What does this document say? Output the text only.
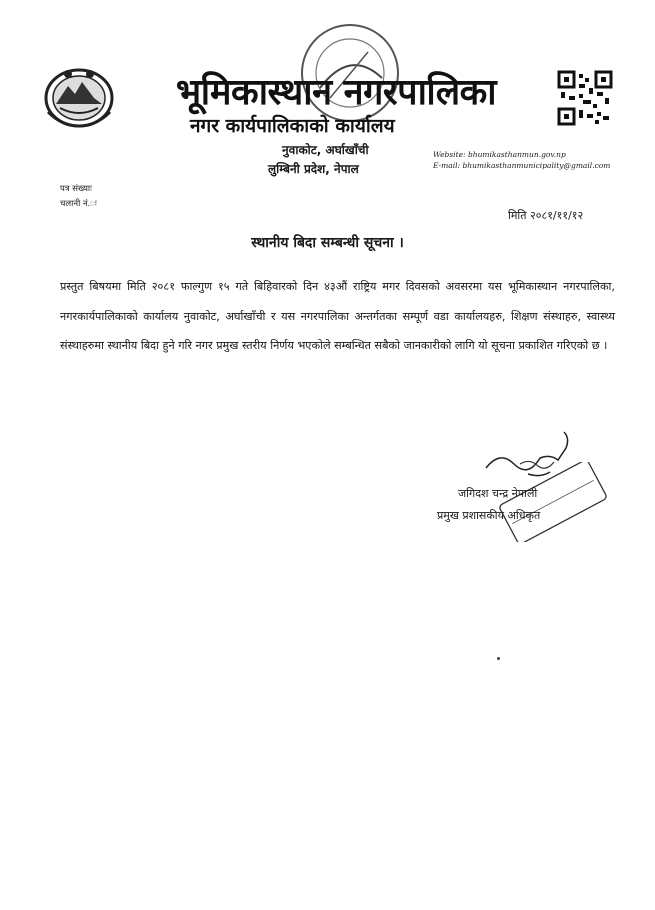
भूमिकास्थान नगरपालिका
नगर कार्यपालिकाको कार्यालय
नुवाकोट, अर्घाखाँची
लुम्बिनी प्रदेश, नेपाल
Website: bhumikasthanmun.gov.np
E-mail: bhumikasthanmunicipality@gmail.com
पत्र संख्याः
चलानी नं.ः
मिति २०८१/११/१२
स्थानीय बिदा सम्बन्धी सूचना ।
प्रस्तुत बिषयमा मिति २०८१ फाल्गुण १५ गते बिहिवारको दिन ४३औं राष्ट्रिय मगर दिवसको अवसरमा यस भूमिकास्थान नगरपालिका, नगरकार्यपालिकाको कार्यालय नुवाकोट, अर्घाखाँची र यस नगरपालिका अन्तर्गतका सम्पूर्ण वडा कार्यालयहरु, शिक्षण संस्थाहरु, स्वास्थ्य संस्थाहरुमा स्थानीय बिदा हुने गरि नगर प्रमुख स्तरीय निर्णय भएकोले सम्बन्धित सबैको जानकारीको लागि यो सूचना प्रकाशित गरिएको छ ।
जगिदश चन्द्र नेपाली
प्रमुख प्रशासकीय अधिकृत
